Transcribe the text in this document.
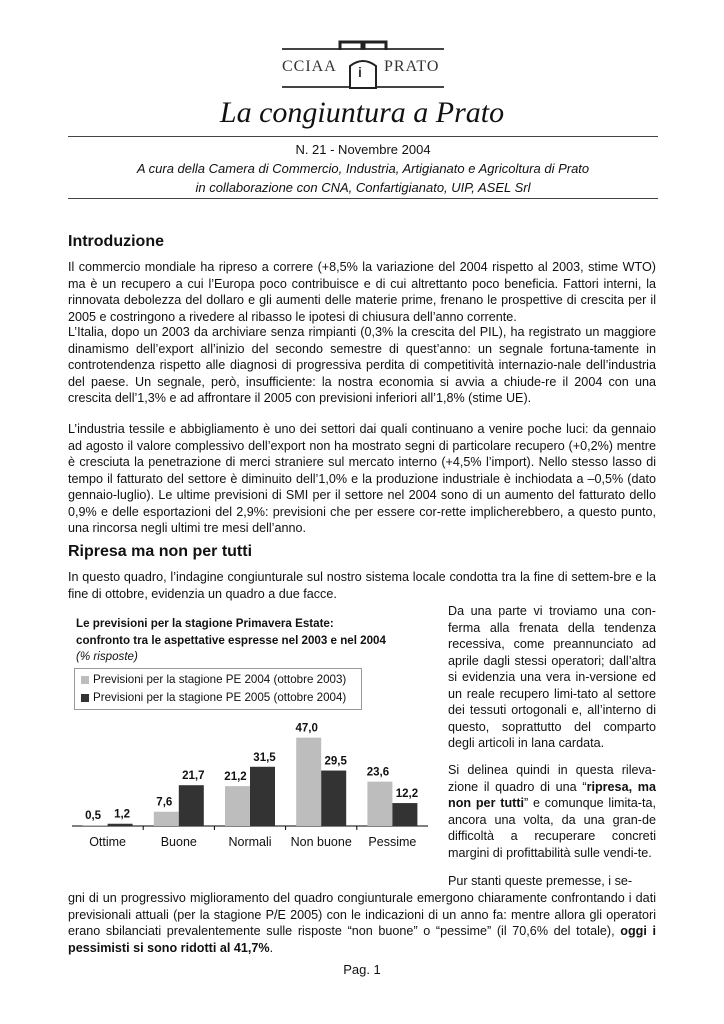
CCIAA i PRATO
La congiuntura a Prato
N. 21 - Novembre 2004
A cura della Camera di Commercio, Industria, Artigianato e Agricoltura di Prato
in collaborazione con CNA, Confartigianato, UIP, ASEL Srl
Introduzione

Il commercio mondiale ha ripreso a correre (+8,5% la variazione del 2004 rispetto al 2003, stime WTO) ma è un recupero a cui l’Europa poco contribuisce e di cui altrettanto poco beneficia. Fattori interni, la rinnovata debolezza del dollaro e gli aumenti delle materie prime, frenano le prospettive di crescita per il 2005 e costringono a rivedere al ribasso le ipotesi di chiusura dell’anno corrente.

L’Italia, dopo un 2003 da archiviare senza rimpianti (0,3% la crescita del PIL), ha registrato un maggiore dinamismo dell’export all’inizio del secondo semestre di quest’anno: un segnale fortuna-tamente in controtendenza rispetto alle diagnosi di progressiva perdita di competitività internazio-nale dell’industria del paese. Un segnale, però, insufficiente: la nostra economia si avvia a chiude-re il 2004 con una crescita dell’1,3% e ad affrontare il 2005 con previsioni inferiori all’1,8% (stime UE).

L’industria tessile e abbigliamento è uno dei settori dai quali continuano a venire poche luci: da gennaio ad agosto il valore complessivo dell’export non ha mostrato segni di particolare recupero (+0,2%) mentre è cresciuta la penetrazione di merci straniere sul mercato interno (+4,5% l’import). Nello stesso lasso di tempo il fatturato del settore è diminuito dell’1,0% e la produzione industriale è inchiodata a –0,5% (dato gennaio-luglio). Le ultime previsioni di SMI per il settore nel 2004 sono di un aumento del fatturato dello 0,9% e delle esportazioni del 2,9%: previsioni che per essere cor-rette implicherebbero, a questo punto, una rincorsa negli ultimi tre mesi dell’anno.

Ripresa ma non per tutti

In questo quadro, l’indagine congiunturale sul nostro sistema locale condotta tra la fine di settem-bre e la fine di ottobre, evidenzia un quadro a due facce.

Le previsioni per la stagione Primavera Estate:
confronto tra le aspettative espresse nel 2003 e nel 2004
(% risposte)
Previsioni per la stagione PE 2004 (ottobre 2003)
Previsioni per la stagione PE 2005 (ottobre 2004)
0,5 1,2
Ottime
7,6
21,7
Buone
21,2
31,5
Normali
47,0
29,5
Non buone
23,6
12,2
Pessime

Da una parte vi troviamo una con-ferma alla frenata della tendenza recessiva, come preannunciato ad aprile dagli stessi operatori; dall’altra si evidenzia una vera in-versione ed un reale recupero limi-tato al settore dei tessuti ortogonali e, all’interno di questo, soprattutto del comparto degli articoli in lana cardata.

Si delinea quindi in questa rileva-zione il quadro di una “ripresa, ma non per tutti” e comunque limita-ta, ancora una volta, da una gran-de difficoltà a recuperare concreti margini di profittabilità sulle vendi-te.

Pur stanti queste premesse, i se-

gni di un progressivo miglioramento del quadro congiunturale emergono chiaramente confrontando i dati previsionali attuali (per la stagione P/E 2005) con le indicazioni di un anno fa: mentre allora gli operatori erano sbilanciati prevalentemente sulle risposte “non buone” o “pessime” (il 70,6% del totale), oggi i pessimisti si sono ridotti al 41,7%.

Pag. 1
